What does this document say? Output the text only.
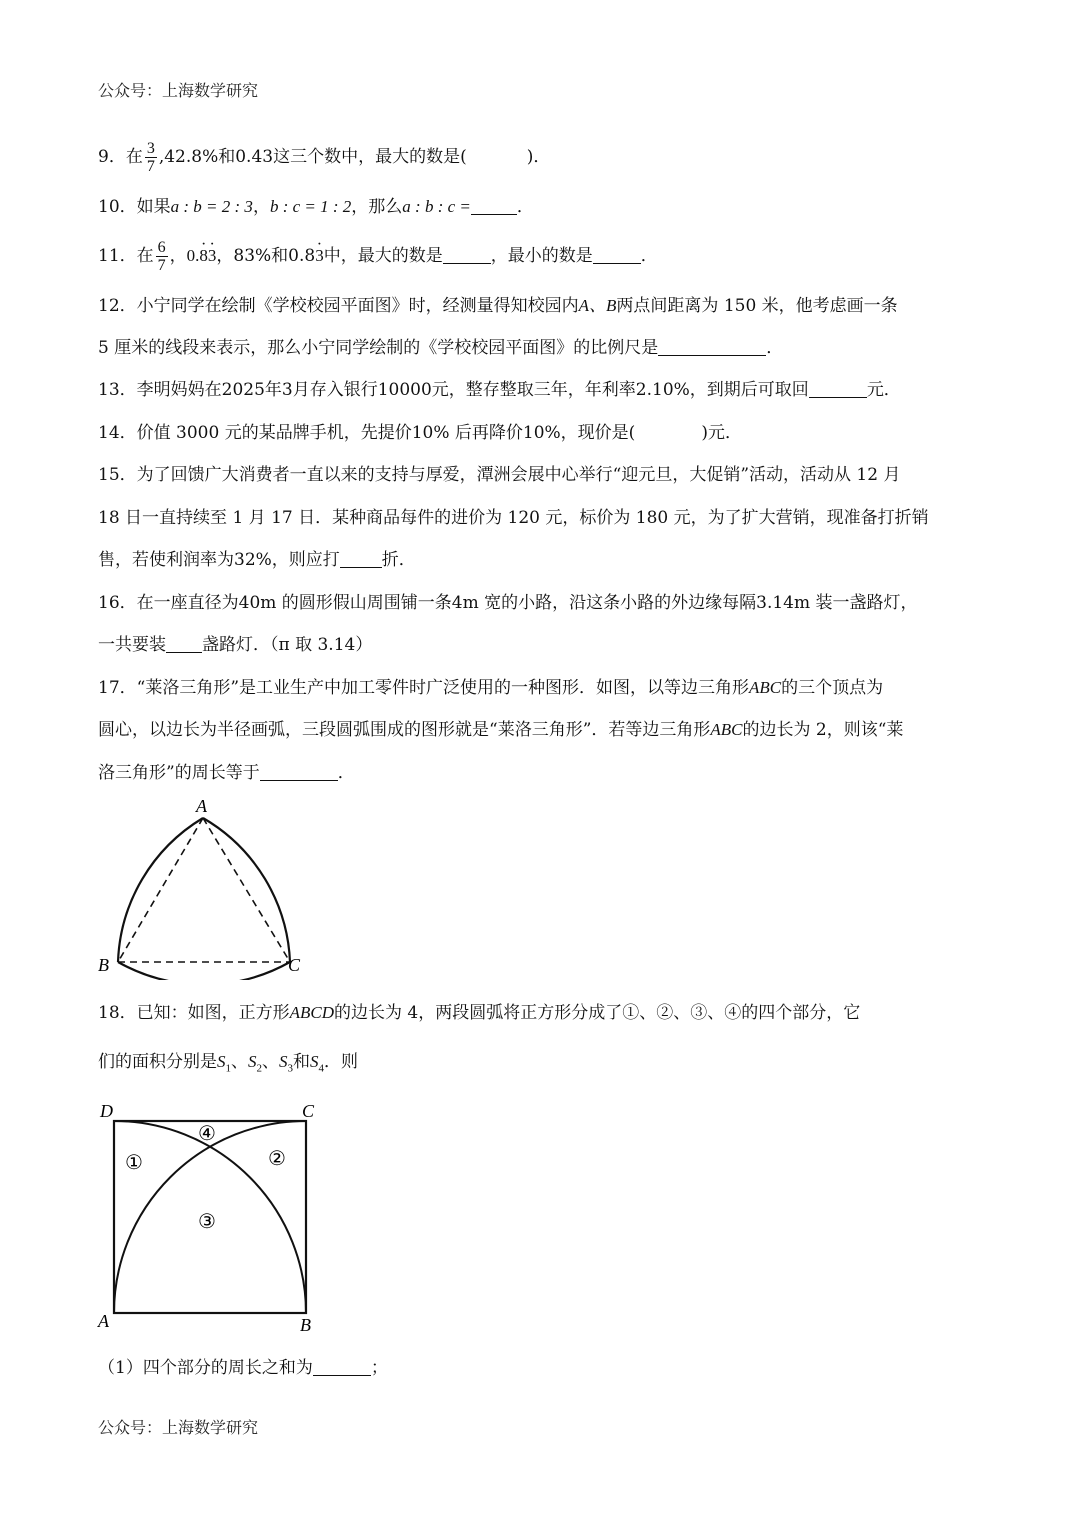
公众号：上海数学研究
9．在 $\frac{3}{7} ,42.8\%$和0.43这三个数中，最大的数是(	)．
10．如果a : b = 2 : 3，b : c = 1 : 2，那么a : b : c =	．
11．在 $\frac{6}{7}$ ，0.8 ·3 ·，83%和0.83 ·中，最大的数是	，最小的数是	．
12．小宁同学在绘制《学校校园平面图》时，经测量得知校园内A、B两点间距离为 150 米，他考虑画一条
5 厘米的线段来表示，那么小宁同学绘制的《学校校园平面图》的比例尺是	．
13．李明妈妈在2025年3月存入银行10000元，整存整取三年，年利率2.10%，到期后可取回	元．
14．价值 3000 元的某品牌手机，先提价10% 后再降价10%，现价是(	)元．
15．为了回馈广大消费者一直以来的支持与厚爱，潭洲会展中心举行“迎元旦，大促销”活动，活动从 12 月
18 日一直持续至 1 月 17 日．某种商品每件的进价为 120 元，标价为 180 元，为了扩大营销，现准备打折销
售，若使利润率为32%，则应打 折．
16．在一座直径为40m 的圆形假山周围铺一条4m 宽的小路，沿这条小路的外边缘每隔3.14m 装一盏路灯，
一共要装 盏路灯．（π 取 3.14）
17．“莱洛三角形”是工业生产中加工零件时广泛使用的一种图形．如图，以等边三角形ABC的三个顶点为
圆心，以边长为半径画弧，三段圆弧围成的图形就是“莱洛三角形”．若等边三角形ABC的边长为 2，则该“莱
洛三角形”的周长等于	．
A
B	C
18．已知：如图，正方形ABCD的边长为 4，两段圆弧将正方形分成了①、②、③、④的四个部分，它
们的面积分别是$S_1$、$S_2$、$S_3$和$S_4$．则
D	C
A	B
①	②
③
④
（1）四个部分的周长之和为	；
公众号：上海数学研究
